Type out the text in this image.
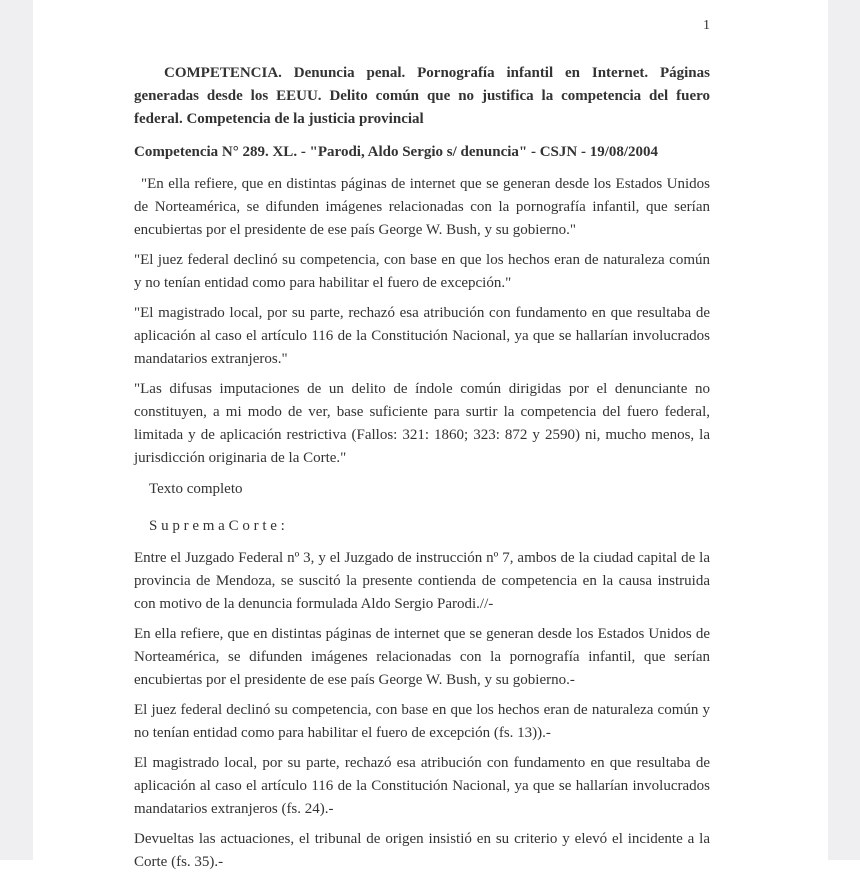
1

COMPETENCIA. Denuncia penal. Pornografía infantil en Internet. Páginas generadas desde los EEUU. Delito común que no justifica la competencia del fuero federal. Competencia de la justicia provincial

Competencia N° 289. XL. - "Parodi, Aldo Sergio s/ denuncia" - CSJN - 19/08/2004

"En ella refiere, que en distintas páginas de internet que se generan desde los Estados Unidos de Norteamérica, se difunden imágenes relacionadas con la pornografía infantil, que serían encubiertas por el presidente de ese país George W. Bush, y su gobierno."

"El juez federal declinó su competencia, con base en que los hechos eran de naturaleza común y no tenían entidad como para habilitar el fuero de excepción."

"El magistrado local, por su parte, rechazó esa atribución con fundamento en que resultaba de aplicación al caso el artículo 116 de la Constitución Nacional, ya que se hallarían involucrados mandatarios extranjeros."

"Las difusas imputaciones de un delito de índole común dirigidas por el denunciante no constituyen, a mi modo de ver, base suficiente para surtir la competencia del fuero federal, limitada y de aplicación restrictiva (Fallos: 321: 1860; 323: 872 y 2590) ni, mucho menos, la jurisdicción originaria de la Corte."

Texto completo

S u p r e m a C o r t e :

Entre el Juzgado Federal nº 3, y el Juzgado de instrucción nº 7, ambos de la ciudad capital de la provincia de Mendoza, se suscitó la presente contienda de competencia en la causa instruida con motivo de la denuncia formulada Aldo Sergio Parodi.//-

En ella refiere, que en distintas páginas de internet que se generan desde los Estados Unidos de Norteamérica, se difunden imágenes relacionadas con la pornografía infantil, que serían encubiertas por el presidente de ese país George W. Bush, y su gobierno.-

El juez federal declinó su competencia, con base en que los hechos eran de naturaleza común y no tenían entidad como para habilitar el fuero de excepción (fs. 13)).-

El magistrado local, por su parte, rechazó esa atribución con fundamento en que resultaba de aplicación al caso el artículo 116 de la Constitución Nacional, ya que se hallarían involucrados mandatarios extranjeros (fs. 24).-

Devueltas las actuaciones, el tribunal de origen insistió en su criterio y elevó el incidente a la Corte (fs. 35).-
